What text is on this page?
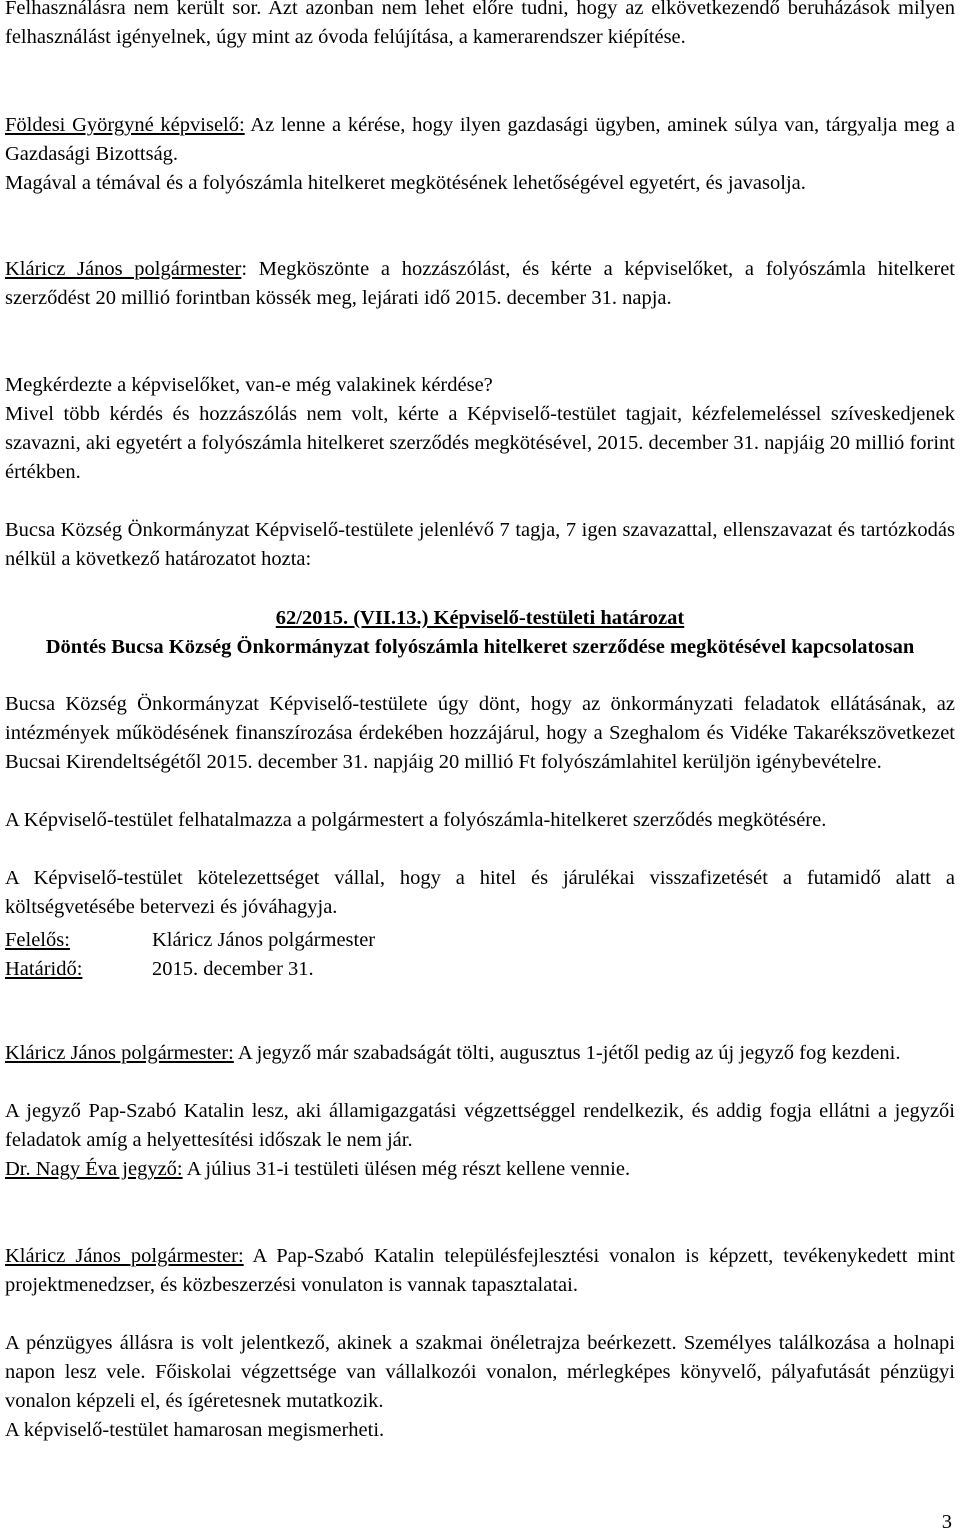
Felhasználásra nem került sor. Azt azonban nem lehet előre tudni, hogy az elkövetkezendő beruházások milyen felhasználást igényelnek, úgy mint az óvoda felújítása, a kamerarendszer kiépítése.

Földesi Györgyné képviselő: Az lenne a kérése, hogy ilyen gazdasági ügyben, aminek súlya van, tárgyalja meg a Gazdasági Bizottság.

Magával a témával és a folyószámla hitelkeret megkötésének lehetőségével egyetért, és javasolja.

Kláricz János polgármester: Megköszönte a hozzászólást, és kérte a képviselőket, a folyószámla hitelkeret szerződést 20 millió forintban kössék meg, lejárati idő 2015. december 31. napja.

Megkérdezte a képviselőket, van-e még valakinek kérdése?

Mivel több kérdés és hozzászólás nem volt, kérte a Képviselő-testület tagjait, kézfelemeléssel szíveskedjenek szavazni, aki egyetért a folyószámla hitelkeret szerződés megkötésével, 2015. december 31. napjáig 20 millió forint értékben.

Bucsa Község Önkormányzat Képviselő-testülete jelenlévő 7 tagja, 7 igen szavazattal, ellenszavazat és tartózkodás nélkül a következő határozatot hozta:

62/2015. (VII.13.) Képviselő-testületi határozat

Döntés Bucsa Község Önkormányzat folyószámla hitelkeret szerződése megkötésével kapcsolatosan

Bucsa Község Önkormányzat Képviselő-testülete úgy dönt, hogy az önkormányzati feladatok ellátásának, az intézmények működésének finanszírozása érdekében hozzájárul, hogy a Szeghalom és Vidéke Takarékszövetkezet Bucsai Kirendeltségétől 2015. december 31. napjáig 20 millió Ft folyószámlahitel kerüljön igénybevételre.

A Képviselő-testület felhatalmazza a polgármestert a folyószámla-hitelkeret szerződés megkötésére.

A Képviselő-testület kötelezettséget vállal, hogy a hitel és járulékai visszafizetését a futamidő alatt a költségvetésébe betervezi és jóváhagyja.

Felelős:	Kláricz János polgármester

Határidő:	2015. december 31.

Kláricz János polgármester: A jegyző már szabadságát tölti, augusztus 1-jétől pedig az új jegyző fog kezdeni.

A jegyző Pap-Szabó Katalin lesz, aki államigazgatási végzettséggel rendelkezik, és addig fogja ellátni a jegyzői feladatok amíg a helyettesítési időszak le nem jár.

Dr. Nagy Éva jegyző: A július 31-i testületi ülésen még részt kellene vennie.

Kláricz János polgármester: A Pap-Szabó Katalin településfejlesztési vonalon is képzett, tevékenykedett mint projektmenedzser, és közbeszerzési vonulaton is vannak tapasztalatai.

A pénzügyes állásra is volt jelentkező, akinek a szakmai önéletrajza beérkezett. Személyes találkozása a holnapi napon lesz vele. Főiskolai végzettsége van vállalkozói vonalon, mérlegképes könyvelő, pályafutását pénzügyi vonalon képzeli el, és ígéretesnek mutatkozik.

A képviselő-testület hamarosan megismerheti.

3
